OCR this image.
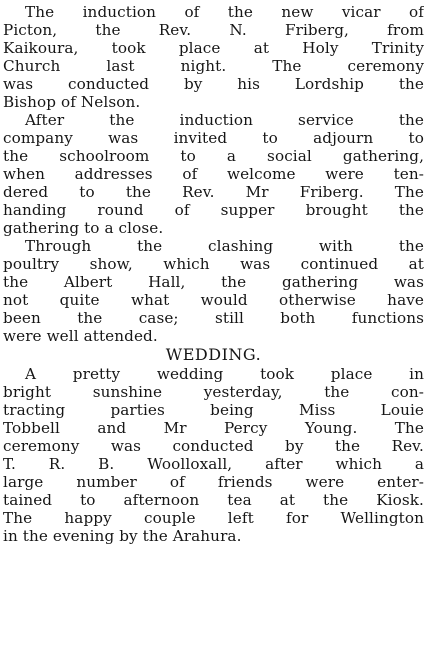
The induction of the new vicar of
Picton, the Rev. N. Friberg, from
Kaikoura, took place at Holy Trinity
Church last night. The ceremony
was conducted by his Lordship the
Bishop of Nelson.
After the induction service the
company was invited to adjourn to
the schoolroom to a social gathering,
when addresses of welcome were ten-
dered to the Rev. Mr Friberg. The
handing round of supper brought the
gathering to a close.
Through the clashing with the
poultry show, which was continued at
the Albert Hall, the gathering was
not quite what would otherwise have
been the case; still both functions
were well attended.
WEDDING.
A pretty wedding took place in
bright sunshine yesterday, the con-
tracting parties being Miss Louie
Tobbell and Mr Percy Young. The
ceremony was conducted by the Rev.
T. R. B. Woolloxall, after which a
large number of friends were enter-
tained to afternoon tea at the Kiosk.
The happy couple left for Wellington
in the evening by the Arahura.
